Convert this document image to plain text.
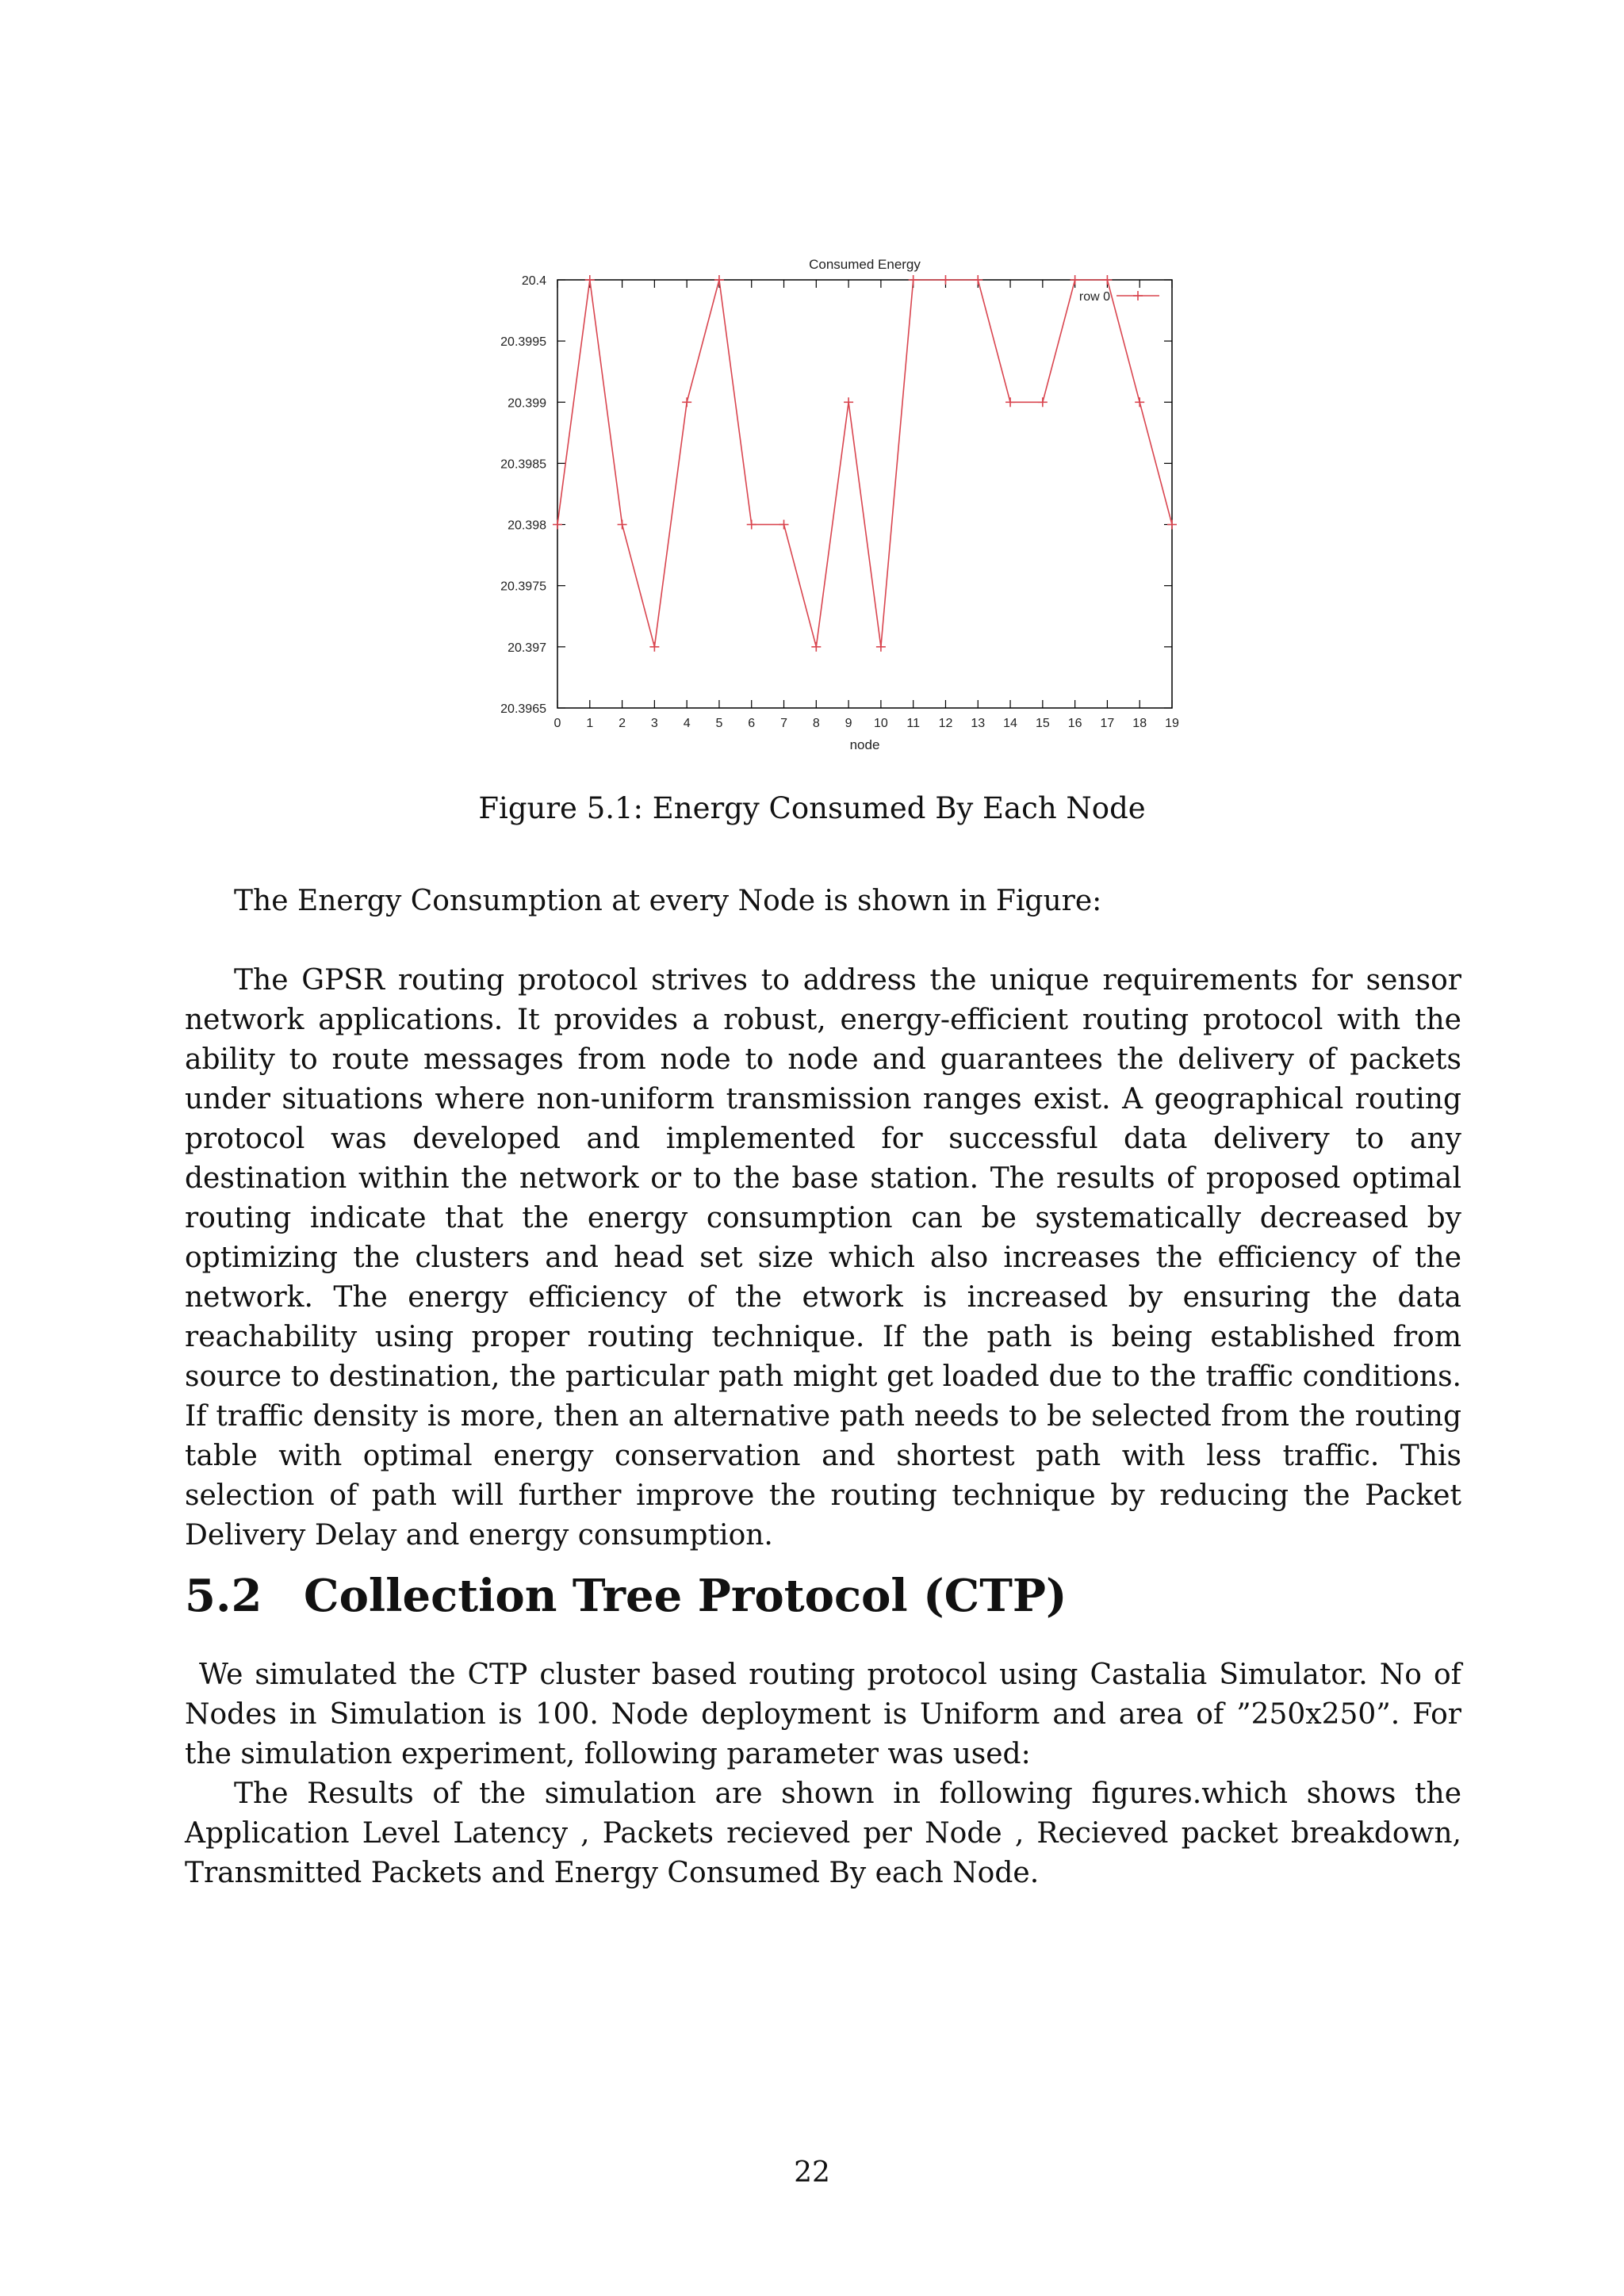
Consumed Energy
20.3965
20.397
20.3975
20.398
20.3985
20.399
20.3995
20.4
0 1 2 3 4 5 6 7 8 9 10 11 12 13 14 15 16 17 18 19
node
row 0
Figure 5.1: Energy Consumed By Each Node

The Energy Consumption at every Node is shown in Figure:

The GPSR routing protocol strives to address the unique requirements for sensor network applications. It provides a robust, energy-efficient routing protocol with the ability to route messages from node to node and guarantees the delivery of packets under situations where non-uniform transmission ranges exist. A geographical routing protocol was developed and implemented for successful data delivery to any destination within the network or to the base station. The results of proposed optimal routing indicate that the energy consumption can be systematically decreased by optimizing the clusters and head set size which also increases the efficiency of the network. The energy efficiency of the etwork is increased by ensuring the data reachability using proper routing technique. If the path is being established from source to destination, the particular path might get loaded due to the traffic conditions. If traffic density is more, then an alternative path needs to be selected from the routing table with optimal energy conservation and shortest path with less traffic. This selection of path will further improve the routing technique by reducing the Packet Delivery Delay and energy consumption.

5.2 Collection Tree Protocol (CTP)

We simulated the CTP cluster based routing protocol using Castalia Simulator. No of Nodes in Simulation is 100. Node deployment is Uniform and area of ”250x250”. For the simulation experiment, following parameter was used:

The Results of the simulation are shown in following figures.which shows the Application Level Latency , Packets recieved per Node , Recieved packet breakdown, Transmitted Packets and Energy Consumed By each Node.

22
